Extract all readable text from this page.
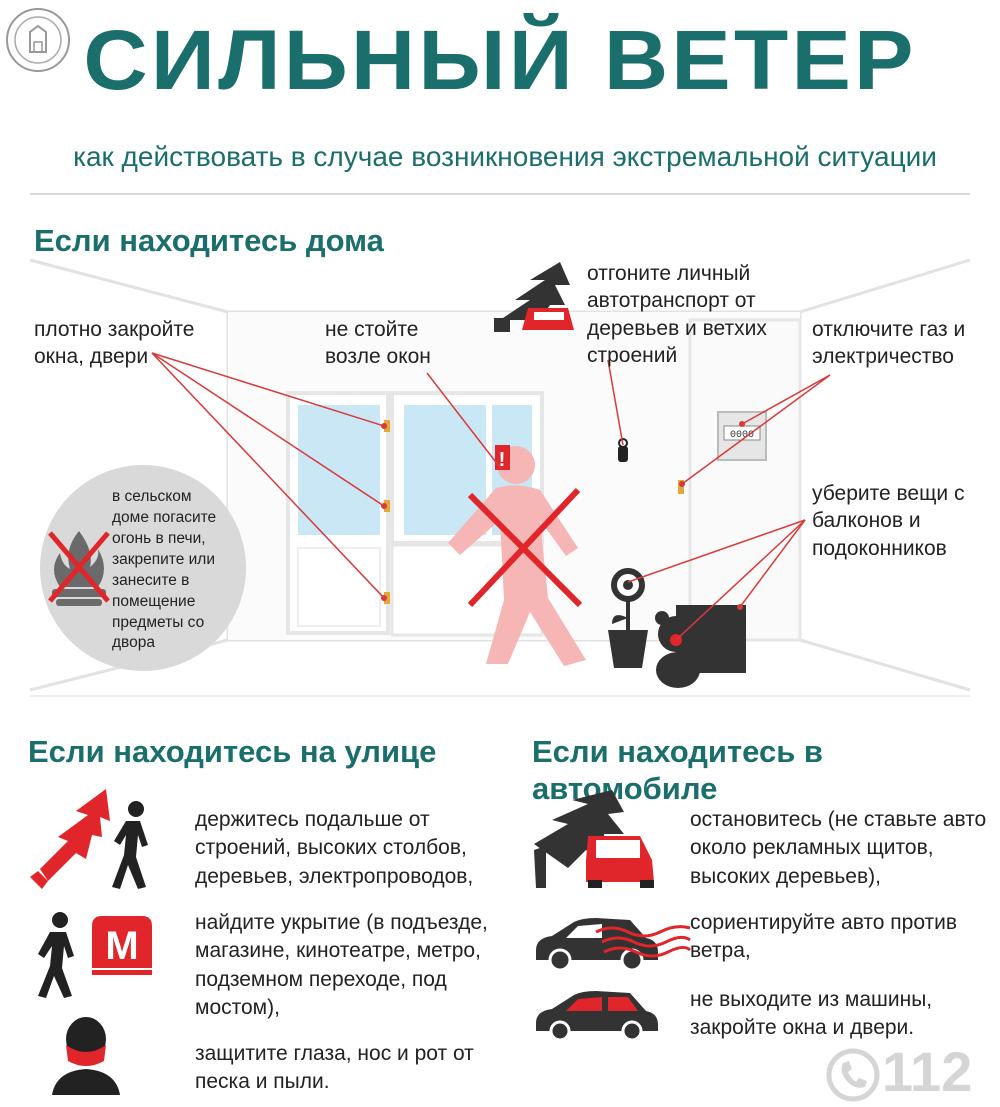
СИЛЬНЫЙ ВЕТЕР
как действовать в случае возникновения экстремальной ситуации
Если находитесь дома
0000
!
плотно закройте
окна, двери
не стойте
возле окон
отгоните личный
автотранспорт от
деревьев и ветхих
строений
отключите газ и
электричество
уберите вещи с
балконов и
подоконников
в сельском
доме погасите
огонь в печи,
закрепите или
занесите в
помещение
предметы со
двора
Если находитесь на улице
держитесь подальше от
строений, высоких столбов,
деревьев, электропроводов,
М
найдите укрытие (в подъезде,
магазине, кинотеатре, метро,
подземном переходе, под
мостом),
защитите глаза, нос и рот от
песка и пыли.
Если находитесь в автомобиле
остановитесь (не ставьте авто
около рекламных щитов,
высоких деревьев),
сориентируйте авто против
ветра,
не выходите из машины,
закройте окна и двери.
112
